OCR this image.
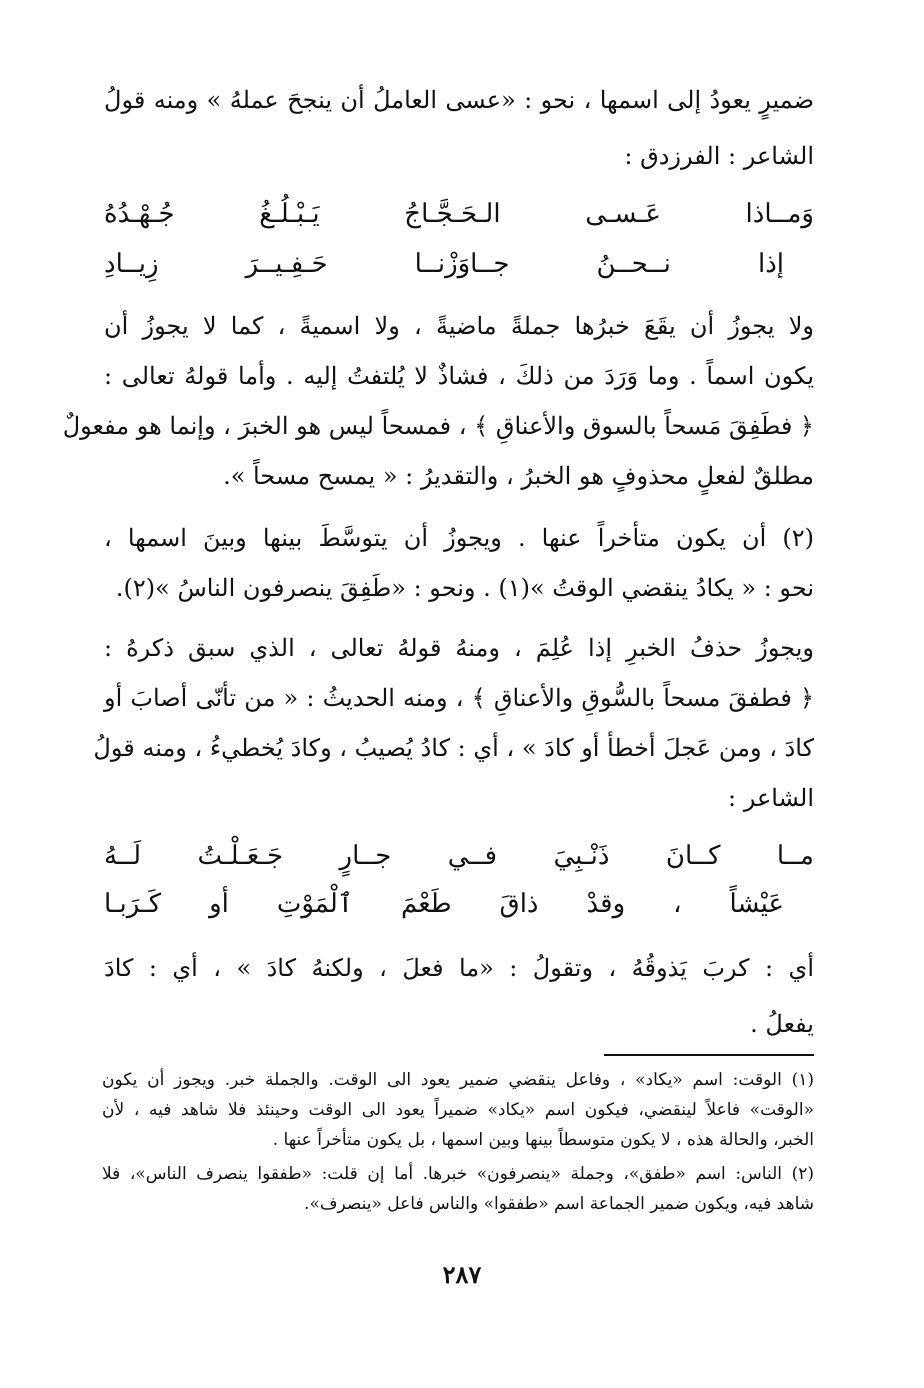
ضميرٍ يعودُ إلى اسمها ، نحو : «عسى العاملُ أن ينجحَ عملهُ » ومنه قولُ
الشاعر : الفرزدق :
وَمــاذا عَـسـى الـحَـجَّـاجُ يَـبْـلُـغُ جُـهْـدُهُ
إذا نــحــنُ جــاوَزْنــا حَـفِـيــرَ زِيــادِ
ولا يجوزُ أن يقَعَ خبرُها جملةً ماضيةً ، ولا اسميةً ، كما لا يجوزُ أن
يكون اسماً . وما وَرَدَ من ذلكَ ، فشاذٌ لا يُلتفتُ إليه . وأما قولهُ تعالى :
﴿ فطَفِقَ مَسحاً بالسوق والأعناقِ ﴾ ، فمسحاً ليس هو الخبرَ ، وإنما هو مفعولٌ
مطلقٌ لفعلٍ محذوفٍ هو الخبرُ ، والتقديرُ : « يمسح مسحاً ».
(٢) أن يكون متأخراً عنها . ويجوزُ أن يتوسَّطَ بينها وبينَ اسمها ،
نحو : « يكادُ ينقضي الوقتُ »(١) . ونحو : «طَفِقَ ينصرفون الناسُ »(٢).
ويجوزُ حذفُ الخبرِ إذا عُلِمَ ، ومنهُ قولهُ تعالى ، الذي سبق ذكرهُ :
﴿ فطفقَ مسحاً بالسُّوقِ والأعناقِ ﴾ ، ومنه الحديثُ : « من تأنّى أصابَ أو
كادَ ، ومن عَجلَ أخطأ أو كادَ » ، أي : كادُ يُصيبُ ، وكادَ يُخطيءُ ، ومنه قولُ
الشاعر :
مــا كــانَ ذَنْـبِيَ فــي جــارٍ جَـعَـلْـتُ لَــهُ
عَيْشاً ، وقدْ ذاقَ طَعْمَ ٱلْمَوْتِ أو كَـرَبـا
أي : كربَ يَذوقُهُ ، وتقولُ : «ما فعلَ ، ولكنهُ كادَ » ، أي : كادَ
يفعلُ .
(١) الوقت: اسم «يكاد» ، وفاعل ينقضي ضمير يعود الى الوقت. والجملة خبر. ويجوز أن يكون
«الوقت» فاعلاً لينقضي، فيكون اسم «يكاد» ضميراً يعود الى الوقت وحينئذ فلا شاهد فيه ، لأن
الخبر، والحالة هذه ، لا يكون متوسطاً بينها وبين اسمها ، بل يكون متأخراً عنها .
(٢) الناس: اسم «طفق»، وجملة «ينصرفون» خبرها. أما إن قلت: «طفقوا ينصرف الناس»، فلا
شاهد فيه، ويكون ضمير الجماعة اسم «طفقوا» والناس فاعل «ينصرف».
٢٨٧
